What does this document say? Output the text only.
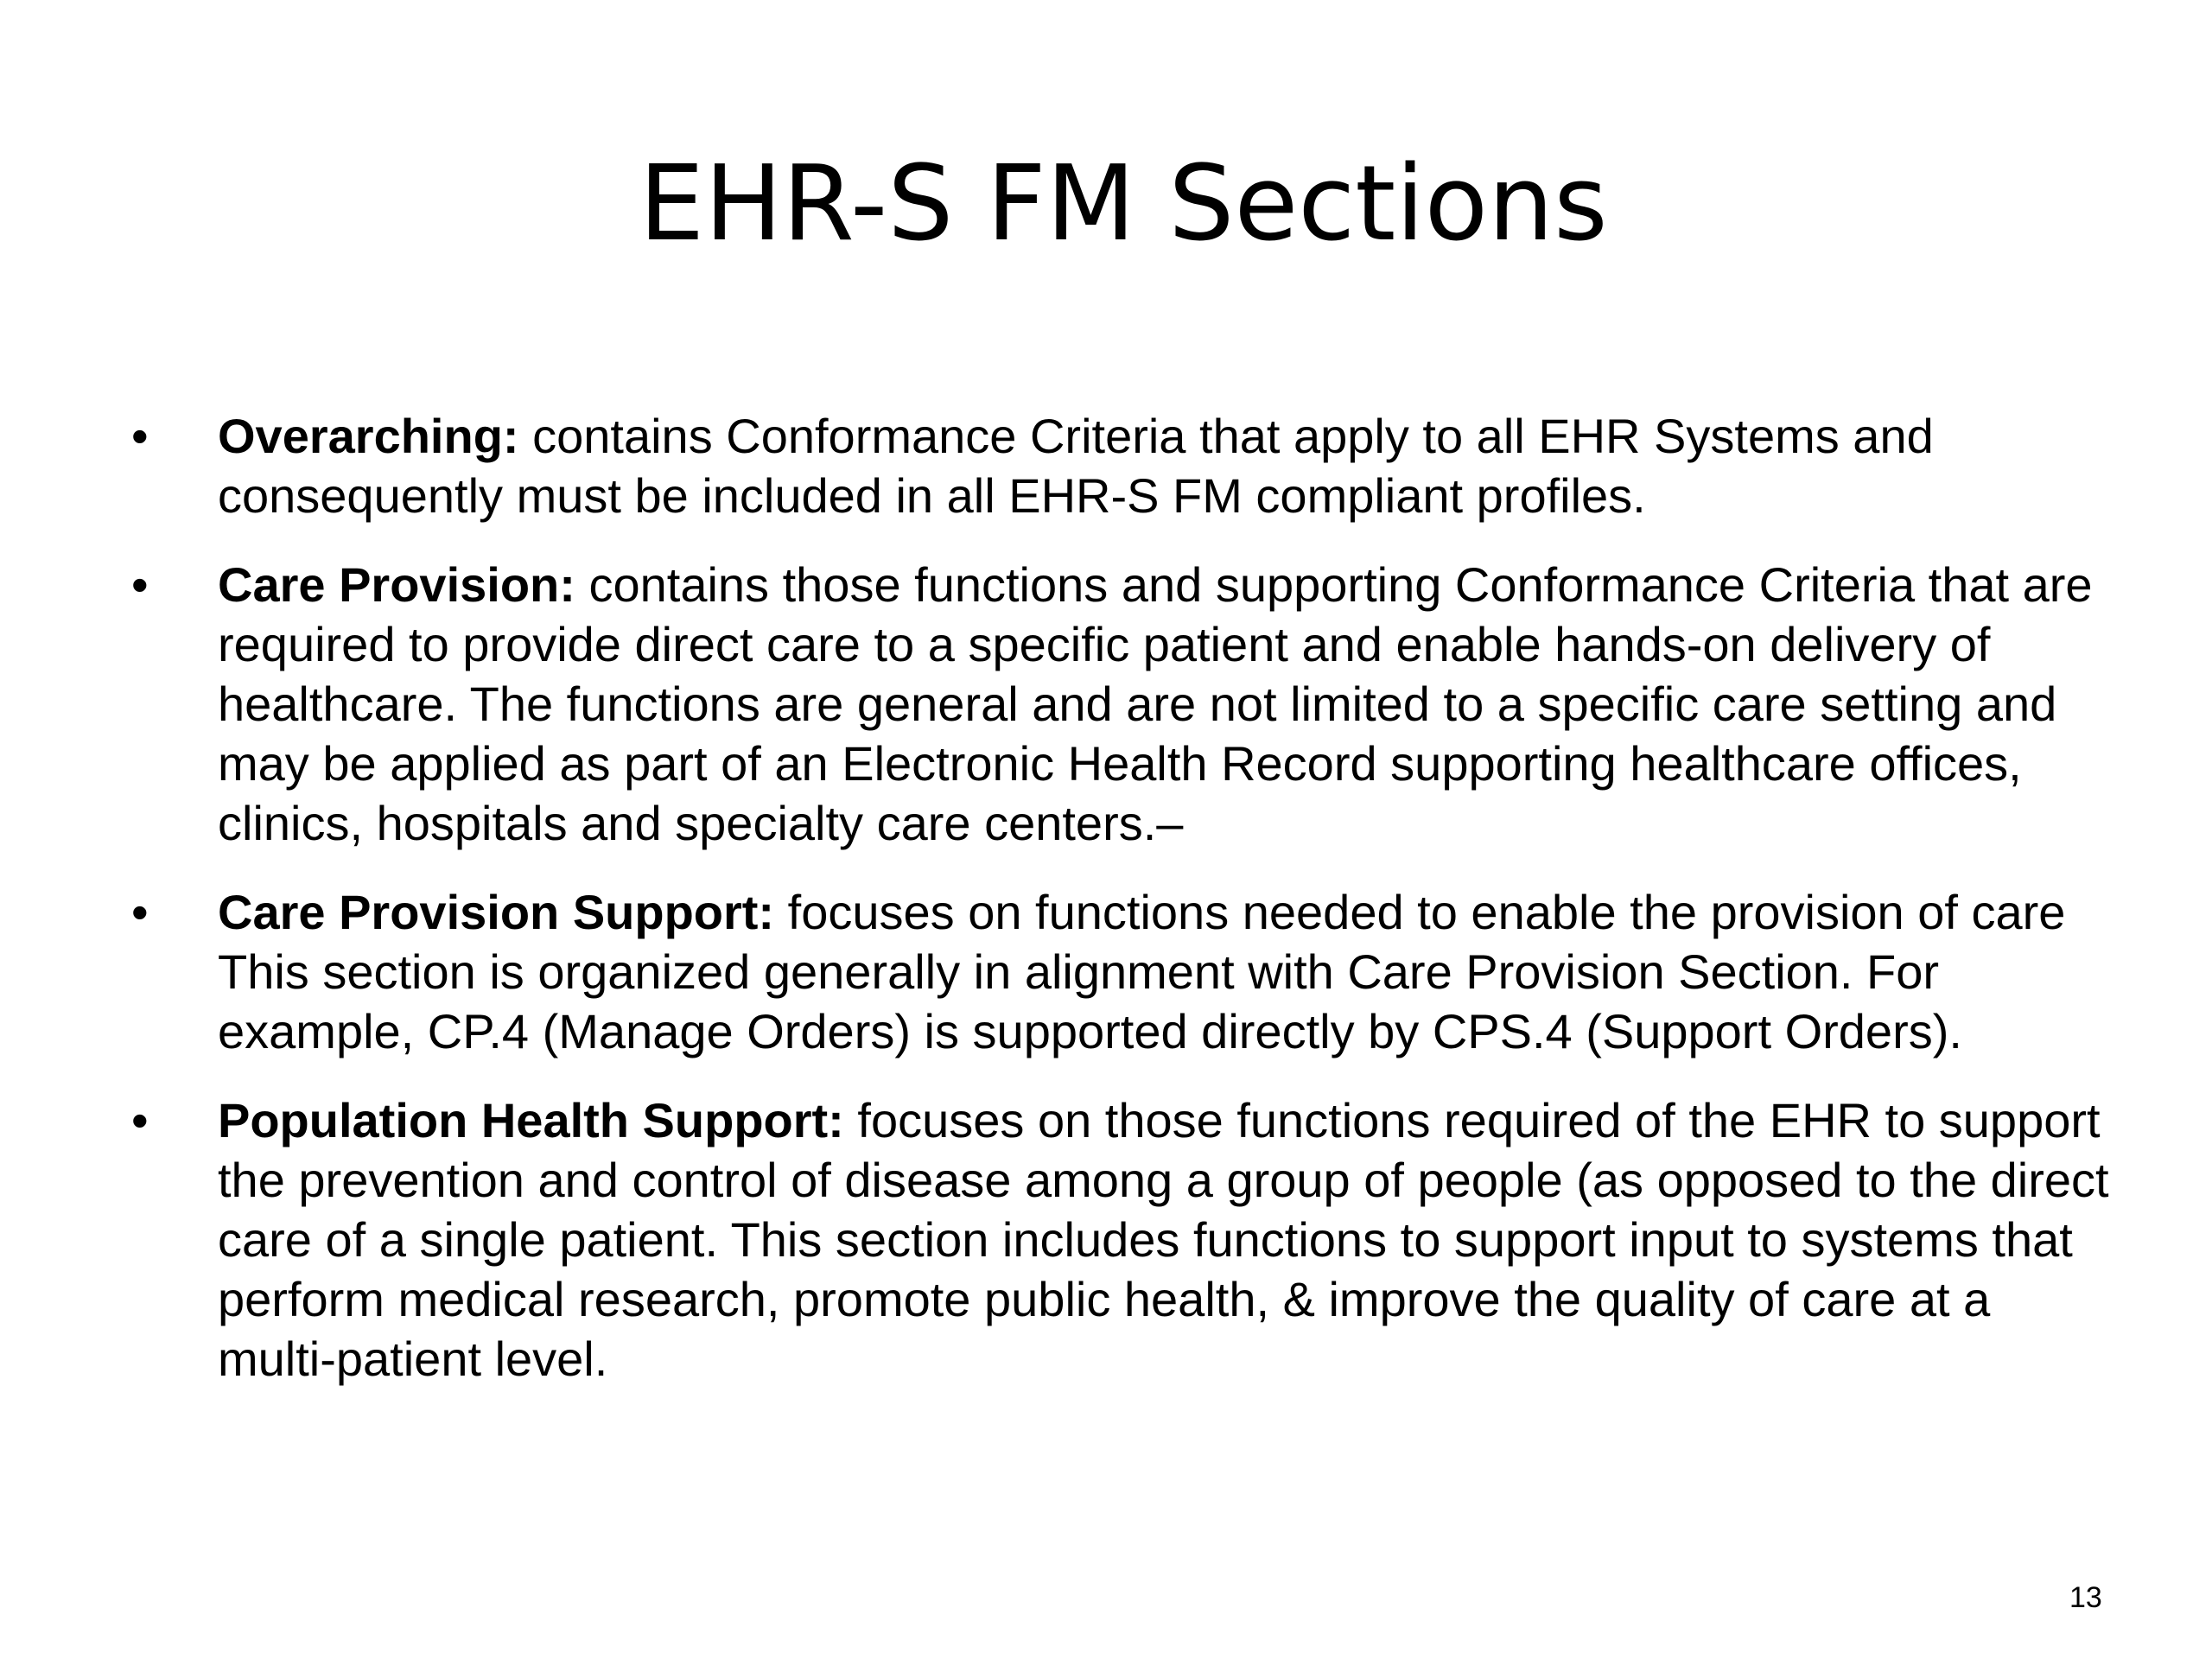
EHR-S FM Sections
• Overarching: contains Conformance Criteria that apply to all EHR Systems and consequently must be included in all EHR-S FM compliant profiles.
• Care Provision: contains those functions and supporting Conformance Criteria that are required to provide direct care to a specific patient and enable hands-on delivery of healthcare. The functions are general and are not limited to a specific care setting and may be applied as part of an Electronic Health Record supporting healthcare offices, clinics, hospitals and specialty care centers.–
• Care Provision Support: focuses on functions needed to enable the provision of care This section is organized generally in alignment with Care Provision Section. For example, CP.4 (Manage Orders) is supported directly by CPS.4 (Support Orders).
• Population Health Support: focuses on those functions required of the EHR to support the prevention and control of disease among a group of people (as opposed to the direct care of a single patient. This section includes functions to support input to systems that perform medical research, promote public health, & improve the quality of care at a multi-patient level.
13
